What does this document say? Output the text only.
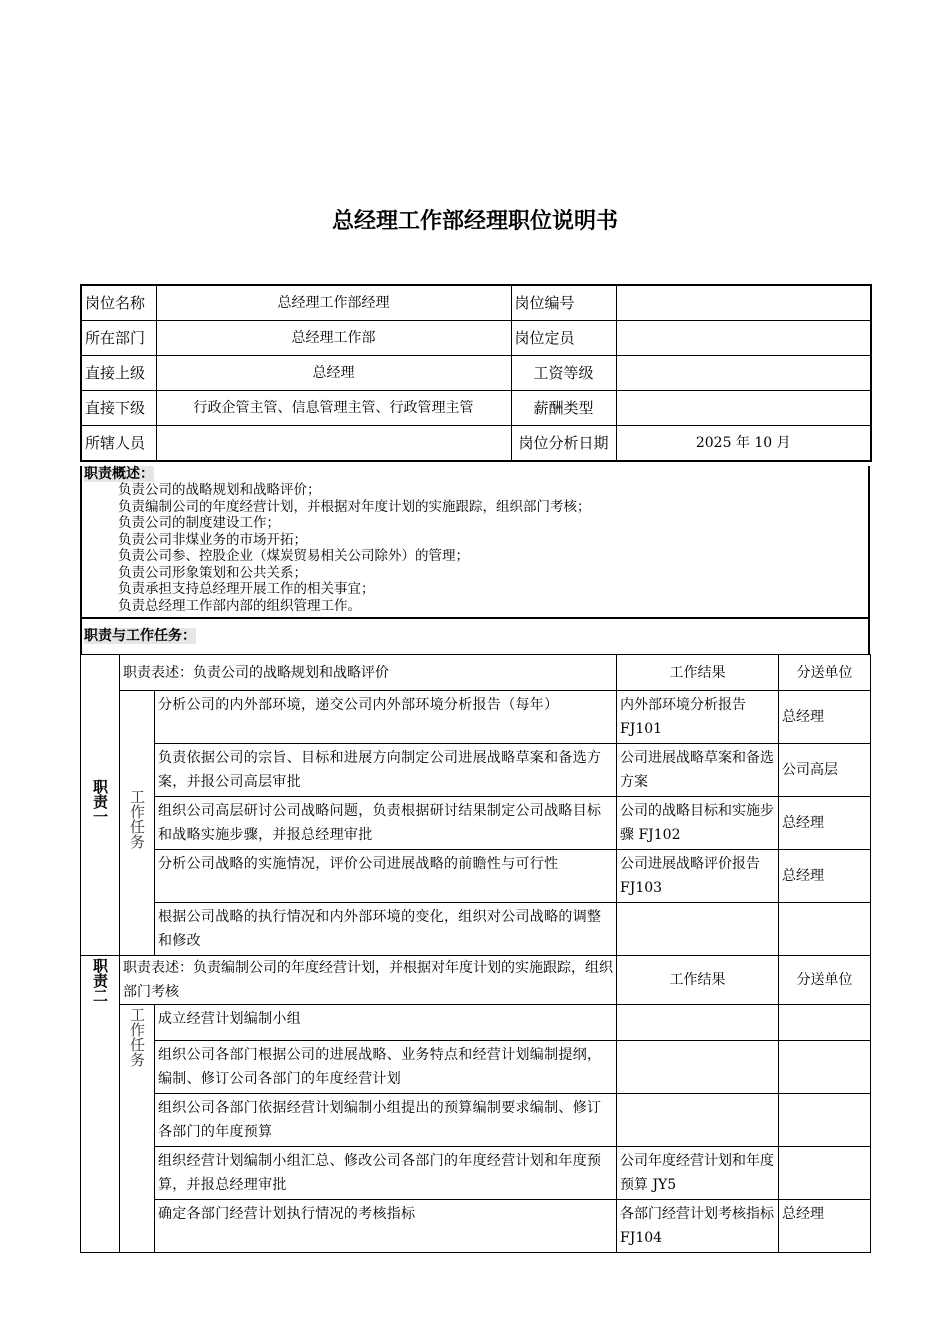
总经理工作部经理职位说明书
岗位名称	总经理工作部经理	岗位编号	
所在部门	总经理工作部	岗位定员	
直接上级	总经理	工资等级	
直接下级	行政企管主管、信息管理主管、行政管理主管	薪酬类型	
所辖人员		岗位分析日期	2025 年 10 月
职责概述：
负责公司的战略规划和战略评价；
负责编制公司的年度经营计划，并根据对年度计划的实施跟踪，组织部门考核；
负责公司的制度建设工作；
负责公司非煤业务的市场开拓；
负责公司参、控股企业（煤炭贸易相关公司除外）的管理；
负责公司形象策划和公共关系；
负责承担支持总经理开展工作的相关事宜；
负责总经理工作部内部的组织管理工作。
职责与工作任务：
职责一	职责表述：负责公司的战略规划和战略评价		工作结果	分送单位
	工作任务	分析公司的内外部环境，递交公司内外部环境分析报告（每年）	内外部环境分析报告 FJ101	总经理
		负责依据公司的宗旨、目标和进展方向制定公司进展战略草案和备选方案，并报公司高层审批	公司进展战略草案和备选方案	公司高层
		组织公司高层研讨公司战略问题，负责根据研讨结果制定公司战略目标和战略实施步骤，并报总经理审批	公司的战略目标和实施步骤 FJ102	总经理
		分析公司战略的实施情况，评价公司进展战略的前瞻性与可行性	公司进展战略评价报告 FJ103	总经理
		根据公司战略的执行情况和内外部环境的变化，组织对公司战略的调整和修改		
职责二	职责表述：负责编制公司的年度经营计划，并根据对年度计划的实施跟踪，组织部门考核		工作结果	分送单位
	工作任务	成立经营计划编制小组		
		组织公司各部门根据公司的进展战略、业务特点和经营计划编制提纲，编制、修订公司各部门的年度经营计划		
		组织公司各部门依据经营计划编制小组提出的预算编制要求编制、修订各部门的年度预算		
		组织经营计划编制小组汇总、修改公司各部门的年度经营计划和年度预算，并报总经理审批	公司年度经营计划和年度预算 JY5	
		确定各部门经营计划执行情况的考核指标	各部门经营计划考核指标 FJ104	总经理
